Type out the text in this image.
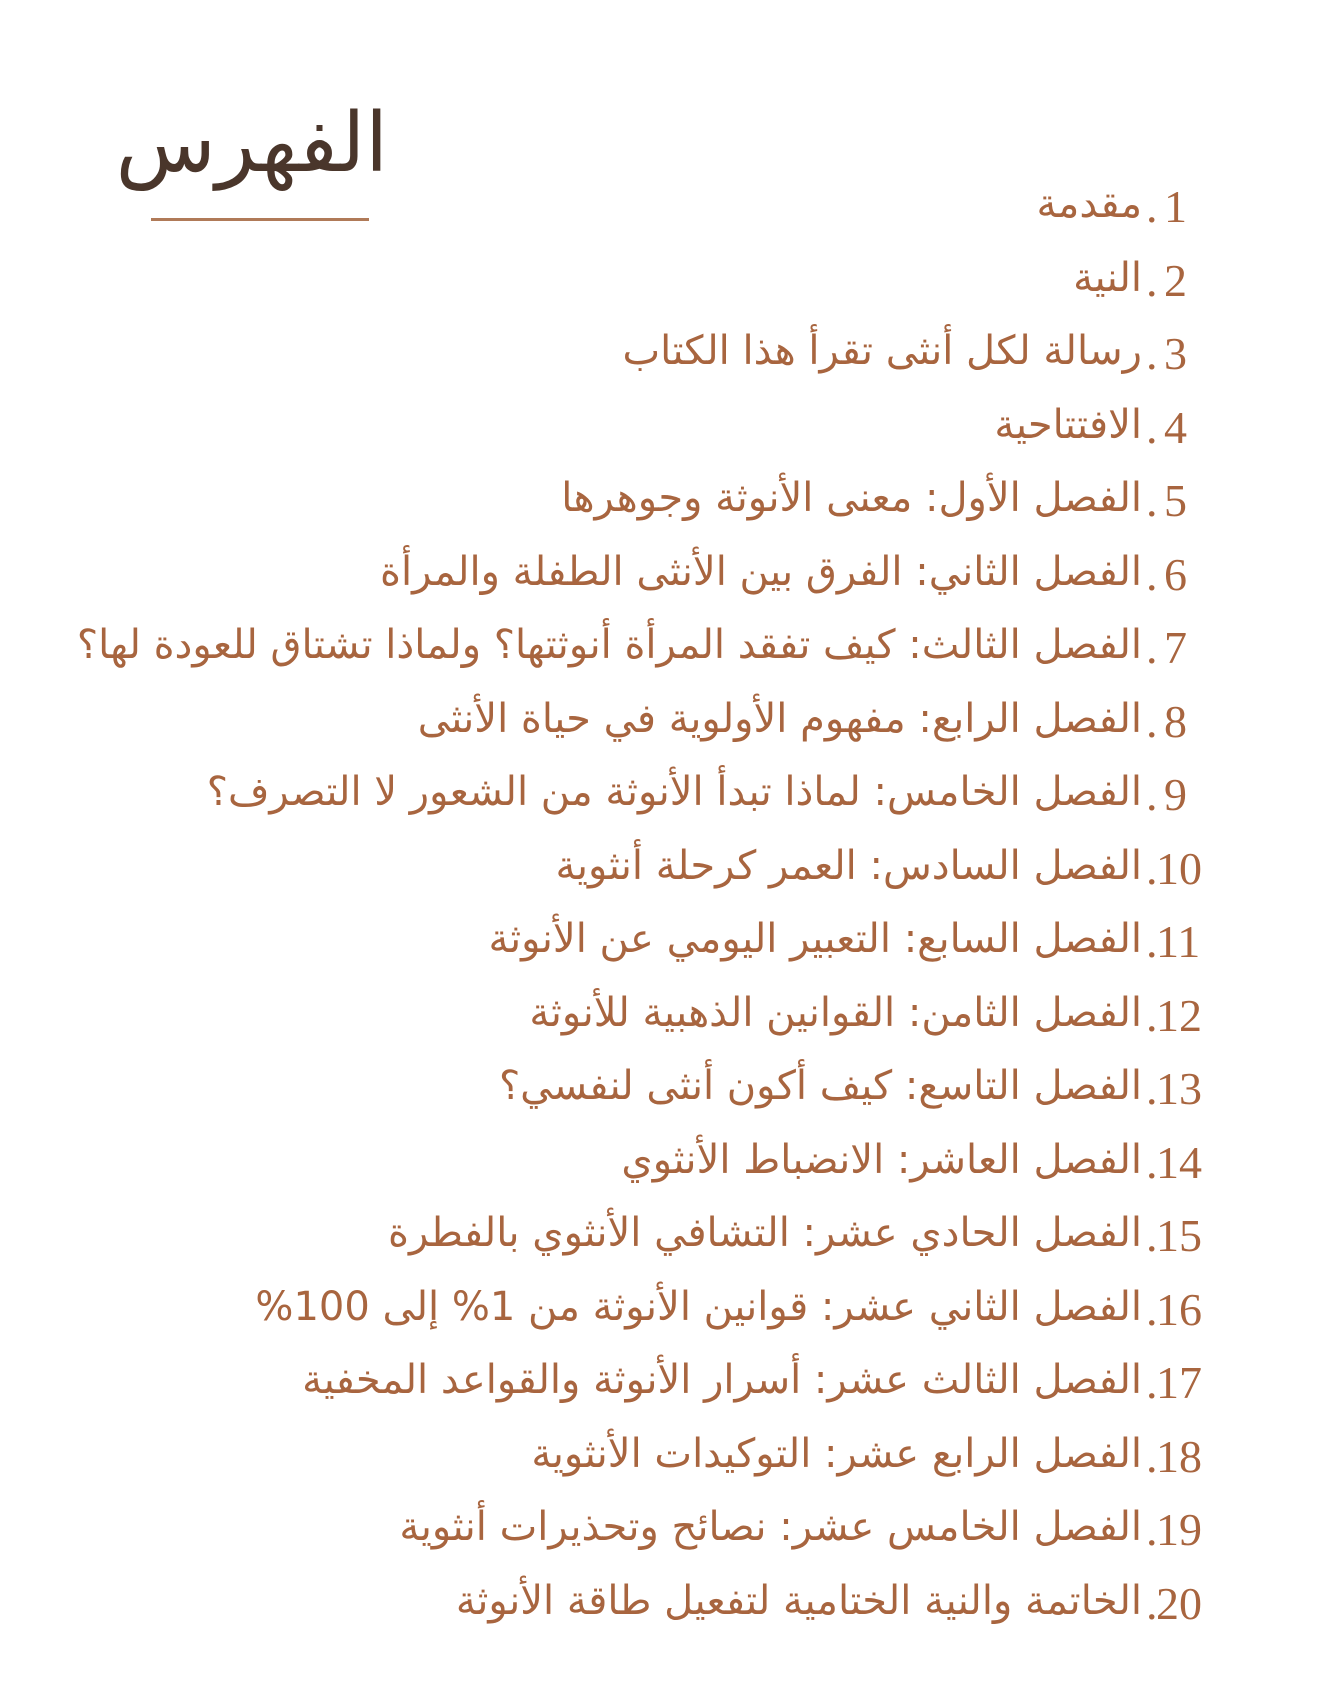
الفهرس
1
.
مقدمة
2
.
النية
3
.
رسالة لكل أنثى تقرأ هذا الكتاب
4
.
الافتتاحية
5
.
الفصل الأول: معنى الأنوثة وجوهرها
6
.
الفصل الثاني: الفرق بين الأنثى الطفلة والمرأة
7
.
الفصل الثالث: كيف تفقد المرأة أنوثتها؟ ولماذا تشتاق للعودة لها؟
8
.
الفصل الرابع: مفهوم الأولوية في حياة الأنثى
9
.
الفصل الخامس: لماذا تبدأ الأنوثة من الشعور لا التصرف؟
10
.
الفصل السادس: العمر كرحلة أنثوية
11
.
الفصل السابع: التعبير اليومي عن الأنوثة
12
.
الفصل الثامن: القوانين الذهبية للأنوثة
13
.
الفصل التاسع: كيف أكون أنثى لنفسي؟
14
.
الفصل العاشر: الانضباط الأنثوي
15
.
الفصل الحادي عشر: التشافي الأنثوي بالفطرة
16
.
الفصل الثاني عشر: قوانين الأنوثة من 1% إلى 100%
17
.
الفصل الثالث عشر: أسرار الأنوثة والقواعد المخفية
18
.
الفصل الرابع عشر: التوكيدات الأنثوية
19
.
الفصل الخامس عشر: نصائح وتحذيرات أنثوية
20
.
الخاتمة والنية الختامية لتفعيل طاقة الأنوثة
